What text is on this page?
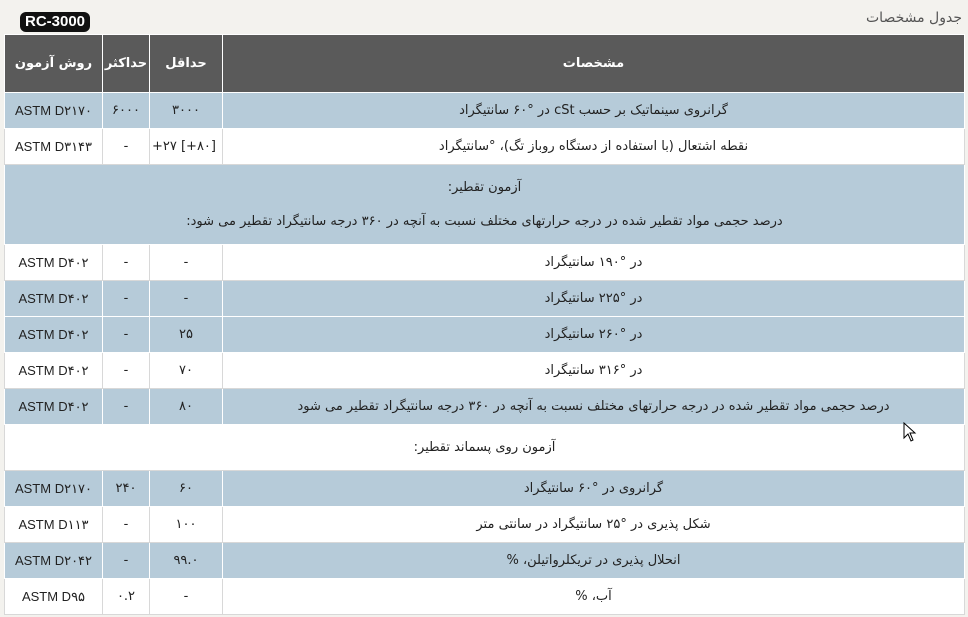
RC-3000	جدول مشخصات
مشخصات	حداقل	حداکثر	روش آزمون
گرانروی سینماتیک بر حسب cSt در °۶۰ سانتیگراد	۳۰۰۰	۶۰۰۰	ASTM D۲۱۷۰
نقطه اشتعال (با استفاده از دستگاه روباز تگ)، °سانتیگراد	[۸۰+] ۲۷+	-	ASTM D۳۱۴۳

آزمون تقطیر:
درصد حجمی مواد تقطیر شده در درجه حرارتهای مختلف نسبت به آنچه در ۳۶۰ درجه سانتیگراد تقطیر می شود:			

در °۱۹۰ سانتیگراد	-	-	ASTM D۴۰۲
در °۲۲۵ سانتیگراد	-	-	ASTM D۴۰۲
در °۲۶۰ سانتیگراد	۲۵	-	ASTM D۴۰۲
در °۳۱۶ سانتیگراد	۷۰	-	ASTM D۴۰۲
درصد حجمی مواد تقطیر شده در درجه حرارتهای مختلف نسبت به آنچه در ۳۶۰ درجه سانتیگراد تقطیر می شود	۸۰	-	ASTM D۴۰۲

آزمون روی پسماند تقطیر:			

گرانروی در °۶۰ سانتیگراد	۶۰	۲۴۰	ASTM D۲۱۷۰
شکل پذیری در °۲۵ سانتیگراد در سانتی متر	۱۰۰	-	ASTM D۱۱۳
انحلال پذیری در تریکلرواتیلن، %	۹۹.۰	-	ASTM D۲۰۴۲
آب، %	-	۰.۲	ASTM D۹۵
